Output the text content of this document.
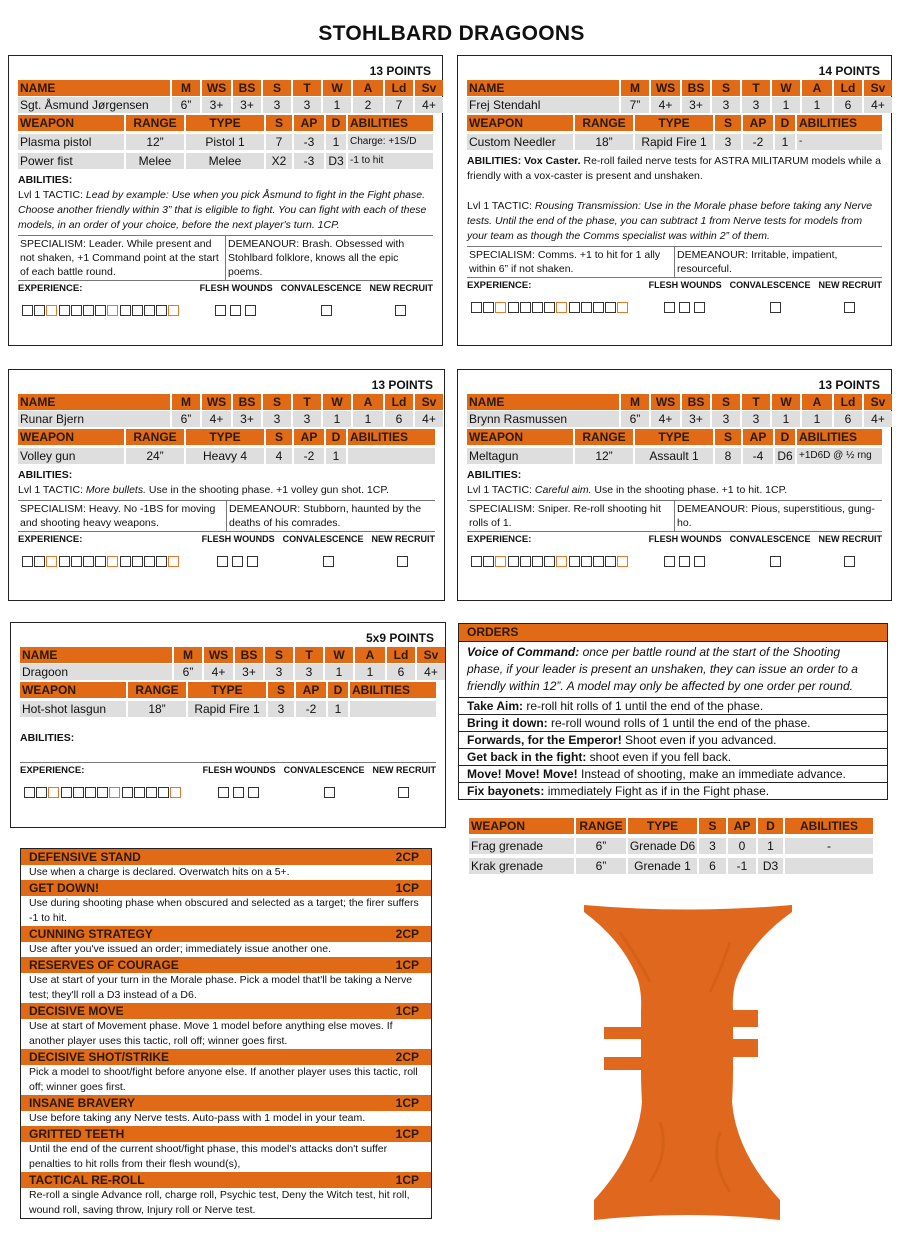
STOHLBARD DRAGOONS
13 POINTS
NAME	M	WS	BS	S	T	W	A	Ld	Sv
Sgt. Åsmund Jørgensen	6”	3+	3+	3	3	1	2	7	4+
WEAPON	RANGE	TYPE	S	AP	D ABILITIES
Plasma pistol	12”	Pistol 1	7	-3	1	Charge: +1S/D
Power fist	Melee	Melee	X2	-3	D3 -1 to hit
ABILITIES:
Lvl 1 TACTIC: Lead by example: Use when you pick Åsmund to fight in the Fight phase. Choose another friendly within 3” that is eligible to fight. You can fight with each of these models, in an order of your choice, before the next player's turn. 1CP.
SPECIALISM: Leader. While present and not shaken, +1 Command point at the start of each battle round.
DEMEANOUR: Brash. Obsessed with Stohlbard folklore, knows all the epic poems.
EXPERIENCE:	FLESH WOUNDS CONVALESCENCE NEW RECRUIT
14 POINTS
NAME	M	WS	BS	S	T	W	A	Ld	Sv
Frej Stendahl	7”	4+	3+	3	3	1	1	6	4+
WEAPON	RANGE	TYPE	S	AP	D ABILITIES
Custom Needler	18”	Rapid Fire 1	3	-2	1	-
ABILITIES: Vox Caster. Re-roll failed nerve tests for ASTRA MILITARUM models while a friendly with a vox-caster is present and unshaken.
Lvl 1 TACTIC: Rousing Transmission: Use in the Morale phase before taking any Nerve tests. Until the end of the phase, you can subtract 1 from Nerve tests for models from your team as though the Comms specialist was within 2” of them.
SPECIALISM: Comms. +1 to hit for 1 ally within 6” if not shaken.
DEMEANOUR: Irritable, impatient, resourceful.
EXPERIENCE:	FLESH WOUNDS CONVALESCENCE NEW RECRUIT
13 POINTS
NAME	M	WS	BS	S	T	W	A	Ld	Sv
Runar Bjern	6”	4+	3+	3	3	1	1	6	4+
WEAPON	RANGE	TYPE	S	AP	D ABILITIES
Volley gun	24”	Heavy 4	4	-2	1
ABILITIES:
Lvl 1 TACTIC: More bullets. Use in the shooting phase. +1 volley gun shot. 1CP.
SPECIALISM: Heavy. No -1BS for moving and shooting heavy weapons.
DEMEANOUR: Stubborn, haunted by the deaths of his comrades.
EXPERIENCE:	FLESH WOUNDS CONVALESCENCE NEW RECRUIT
13 POINTS
NAME	M	WS	BS	S	T	W	A	Ld	Sv
Brynn Rasmussen	6”	4+	3+	3	3	1	1	6	4+
WEAPON	RANGE	TYPE	S	AP	D ABILITIES
Meltagun	12”	Assault 1	8	-4	D6 +1D6D @ ½ rng
ABILITIES:
Lvl 1 TACTIC: Careful aim. Use in the shooting phase. +1 to hit. 1CP.
SPECIALISM: Sniper. Re-roll shooting hit rolls of 1.
DEMEANOUR: Pious, superstitious, gung-ho.
EXPERIENCE:	FLESH WOUNDS CONVALESCENCE NEW RECRUIT
5x9 POINTS
NAME	M	WS	BS	S	T	W	A	Ld	Sv
Dragoon	6”	4+	3+	3	3	1	1	6	4+
WEAPON	RANGE	TYPE	S	AP	D ABILITIES
Hot-shot lasgun	18”	Rapid Fire 1	3	-2	1
ABILITIES:
EXPERIENCE:	FLESH WOUNDS CONVALESCENCE NEW RECRUIT
ORDERS
Voice of Command: once per battle round at the start of the Shooting phase, if your leader is present an unshaken, they can issue an order to a friendly within 12”. A model may only be affected by one order per round.
Take Aim: re-roll hit rolls of 1 until the end of the phase.
Bring it down: re-roll wound rolls of 1 until the end of the phase.
Forwards, for the Emperor! Shoot even if you advanced.
Get back in the fight: shoot even if you fell back.
Move! Move! Move! Instead of shooting, make an immediate advance.
Fix bayonets: immediately Fight as if in the Fight phase.
WEAPON	RANGE	TYPE	S	AP	D	ABILITIES
Frag grenade	6”	Grenade D6	3	0	1	-
Krak grenade	6”	Grenade 1	6	-1	D3
DEFENSIVE STAND	2CP
Use when a charge is declared. Overwatch hits on a 5+.
GET DOWN!	1CP
Use during shooting phase when obscured and selected as a target; the firer suffers -1 to hit.
CUNNING STRATEGY	2CP
Use after you've issued an order; immediately issue another one.
RESERVES OF COURAGE	1CP
Use at start of your turn in the Morale phase. Pick a model that'll be taking a Nerve test; they'll roll a D3 instead of a D6.
DECISIVE MOVE	1CP
Use at start of Movement phase. Move 1 model before anything else moves. If another player uses this tactic, roll off; winner goes first.
DECISIVE SHOT/STRIKE	2CP
Pick a model to shoot/fight before anyone else. If another player uses this tactic, roll off; winner goes first.
INSANE BRAVERY	1CP
Use before taking any Nerve tests. Auto-pass with 1 model in your team.
GRITTED TEETH	1CP
Until the end of the current shoot/fight phase, this model's attacks don't suffer penalties to hit rolls from their flesh wound(s),
TACTICAL RE-ROLL	1CP
Re-roll a single Advance roll, charge roll, Psychic test, Deny the Witch test, hit roll, wound roll, saving throw, Injury roll or Nerve test.
